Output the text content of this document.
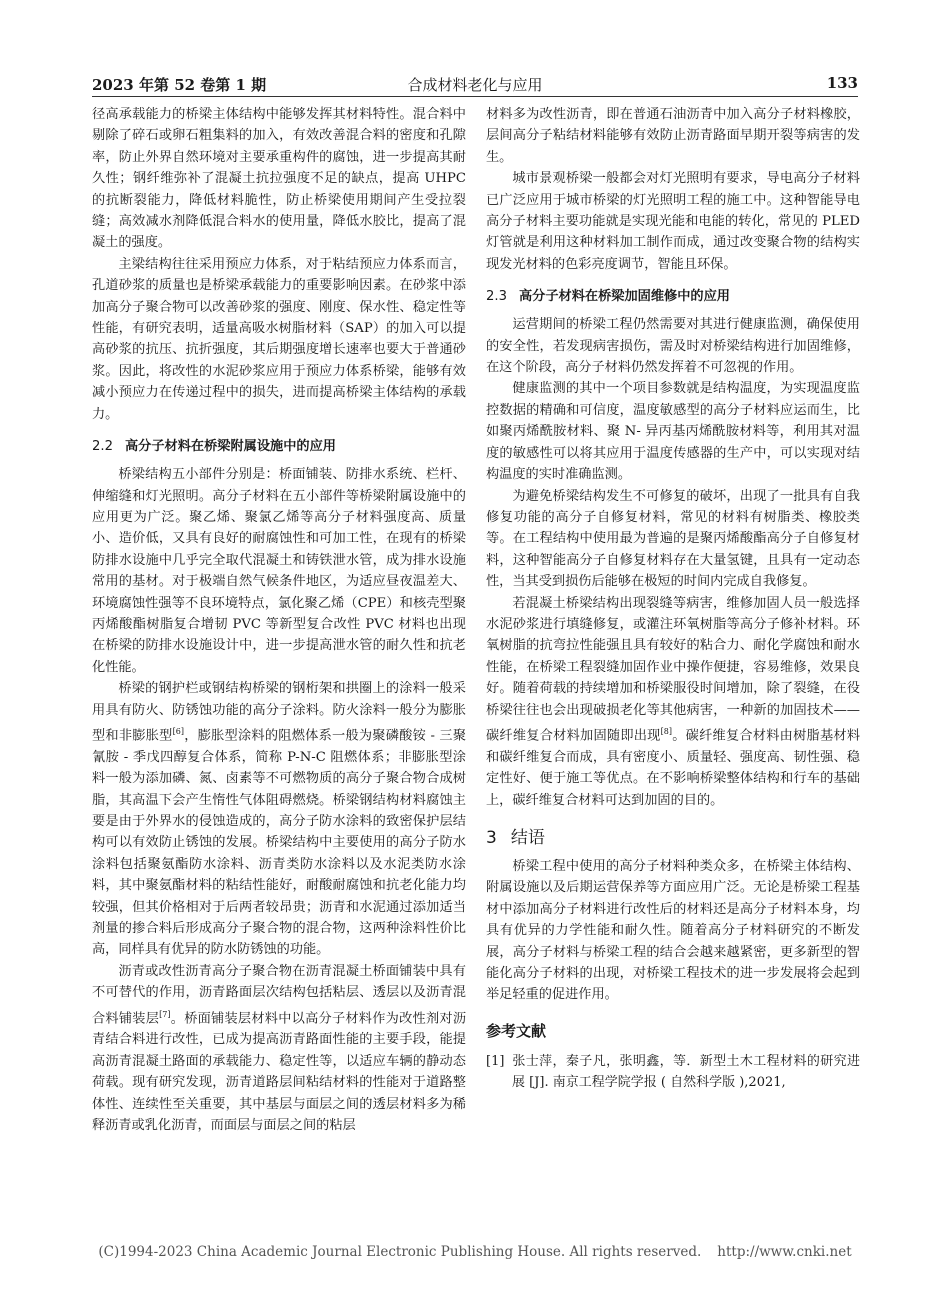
2023 年第 52 卷第 1 期	合成材料老化与应用	133

径高承载能力的桥梁主体结构中能够发挥其材料特性。混合料中剔除了碎石或卵石粗集料的加入，有效改善混合料的密度和孔隙率，防止外界自然环境对主要承重构件的腐蚀，进一步提高其耐久性；钢纤维弥补了混凝土抗拉强度不足的缺点，提高 UHPC 的抗断裂能力，降低材料脆性，防止桥梁使用期间产生受拉裂缝；高效减水剂降低混合料水的使用量，降低水胶比，提高了混凝土的强度。

主梁结构往往采用预应力体系，对于粘结预应力体系而言，孔道砂浆的质量也是桥梁承载能力的重要影响因素。在砂浆中添加高分子聚合物可以改善砂浆的强度、刚度、保水性、稳定性等性能，有研究表明，适量高吸水树脂材料（SAP）的加入可以提高砂浆的抗压、抗折强度，其后期强度增长速率也要大于普通砂浆。因此，将改性的水泥砂浆应用于预应力体系桥梁，能够有效减小预应力在传递过程中的损失，进而提高桥梁主体结构的承载力。

2.2 高分子材料在桥梁附属设施中的应用

桥梁结构五小部件分别是：桥面铺装、防排水系统、栏杆、伸缩缝和灯光照明。高分子材料在五小部件等桥梁附属设施中的应用更为广泛。聚乙烯、聚氯乙烯等高分子材料强度高、质量小、造价低，又具有良好的耐腐蚀性和可加工性，在现有的桥梁防排水设施中几乎完全取代混凝土和铸铁泄水管，成为排水设施常用的基材。对于极端自然气候条件地区，为适应昼夜温差大、环境腐蚀性强等不良环境特点，氯化聚乙烯（CPE）和核壳型聚丙烯酸酯树脂复合增韧 PVC 等新型复合改性 PVC 材料也出现在桥梁的防排水设施设计中，进一步提高泄水管的耐久性和抗老化性能。

桥梁的钢护栏或钢结构桥梁的钢桁架和拱圈上的涂料一般采用具有防火、防锈蚀功能的高分子涂料。防火涂料一般分为膨胀型和非膨胀型[6]，膨胀型涂料的阻燃体系一般为聚磷酸铵 - 三聚氰胺 - 季戊四醇复合体系，简称 P-N-C 阻燃体系；非膨胀型涂料一般为添加磷、氮、卤素等不可燃物质的高分子聚合物合成树脂，其高温下会产生惰性气体阻碍燃烧。桥梁钢结构材料腐蚀主要是由于外界水的侵蚀造成的，高分子防水涂料的致密保护层结构可以有效防止锈蚀的发展。桥梁结构中主要使用的高分子防水涂料包括聚氨酯防水涂料、沥青类防水涂料以及水泥类防水涂料，其中聚氨酯材料的粘结性能好，耐酸耐腐蚀和抗老化能力均较强，但其价格相对于后两者较昂贵；沥青和水泥通过添加适当剂量的掺合料后形成高分子聚合物的混合物，这两种涂料性价比高，同样具有优异的防水防锈蚀的功能。

沥青或改性沥青高分子聚合物在沥青混凝土桥面铺装中具有不可替代的作用，沥青路面层次结构包括粘层、透层以及沥青混合料铺装层[7]。桥面铺装层材料中以高分子材料作为改性剂对沥青结合料进行改性，已成为提高沥青路面性能的主要手段，能提高沥青混凝土路面的承载能力、稳定性等，以适应车辆的静动态荷载。现有研究发现，沥青道路层间粘结材料的性能对于道路整体性、连续性至关重要，其中基层与面层之间的透层材料多为稀释沥青或乳化沥青，而面层与面层之间的粘层

材料多为改性沥青，即在普通石油沥青中加入高分子材料橡胶，层间高分子粘结材料能够有效防止沥青路面早期开裂等病害的发生。

城市景观桥梁一般都会对灯光照明有要求，导电高分子材料已广泛应用于城市桥梁的灯光照明工程的施工中。这种智能导电高分子材料主要功能就是实现光能和电能的转化，常见的 PLED 灯管就是利用这种材料加工制作而成，通过改变聚合物的结构实现发光材料的色彩亮度调节，智能且环保。

2.3 高分子材料在桥梁加固维修中的应用

运营期间的桥梁工程仍然需要对其进行健康监测，确保使用的安全性，若发现病害损伤，需及时对桥梁结构进行加固维修，在这个阶段，高分子材料仍然发挥着不可忽视的作用。

健康监测的其中一个项目参数就是结构温度，为实现温度监控数据的精确和可信度，温度敏感型的高分子材料应运而生，比如聚丙烯酰胺材料、聚 N- 异丙基丙烯酰胺材料等，利用其对温度的敏感性可以将其应用于温度传感器的生产中，可以实现对结构温度的实时准确监测。

为避免桥梁结构发生不可修复的破坏，出现了一批具有自我修复功能的高分子自修复材料，常见的材料有树脂类、橡胶类等。在工程结构中使用最为普遍的是聚丙烯酸酯高分子自修复材料，这种智能高分子自修复材料存在大量氢键，且具有一定动态性，当其受到损伤后能够在极短的时间内完成自我修复。

若混凝土桥梁结构出现裂缝等病害，维修加固人员一般选择水泥砂浆进行填缝修复，或灌注环氧树脂等高分子修补材料。环氧树脂的抗弯拉性能强且具有较好的粘合力、耐化学腐蚀和耐水性能，在桥梁工程裂缝加固作业中操作便捷，容易维修，效果良好。随着荷载的持续增加和桥梁服役时间增加，除了裂缝，在役桥梁往往也会出现破损老化等其他病害，一种新的加固技术——碳纤维复合材料加固随即出现[8]。碳纤维复合材料由树脂基材料和碳纤维复合而成，具有密度小、质量轻、强度高、韧性强、稳定性好、便于施工等优点。在不影响桥梁整体结构和行车的基础上，碳纤维复合材料可达到加固的目的。

3 结语

桥梁工程中使用的高分子材料种类众多，在桥梁主体结构、附属设施以及后期运营保养等方面应用广泛。无论是桥梁工程基材中添加高分子材料进行改性后的材料还是高分子材料本身，均具有优异的力学性能和耐久性。随着高分子材料研究的不断发展，高分子材料与桥梁工程的结合会越来越紧密，更多新型的智能化高分子材料的出现，对桥梁工程技术的进一步发展将会起到举足轻重的促进作用。

参考文献

[1] 张士萍，秦子凡，张明鑫，等．新型土木工程材料的研究进展 [J]. 南京工程学院学报 ( 自然科学版 ),2021,

(C)1994-2023 China Academic Journal Electronic Publishing House. All rights reserved. http://www.cnki.net
